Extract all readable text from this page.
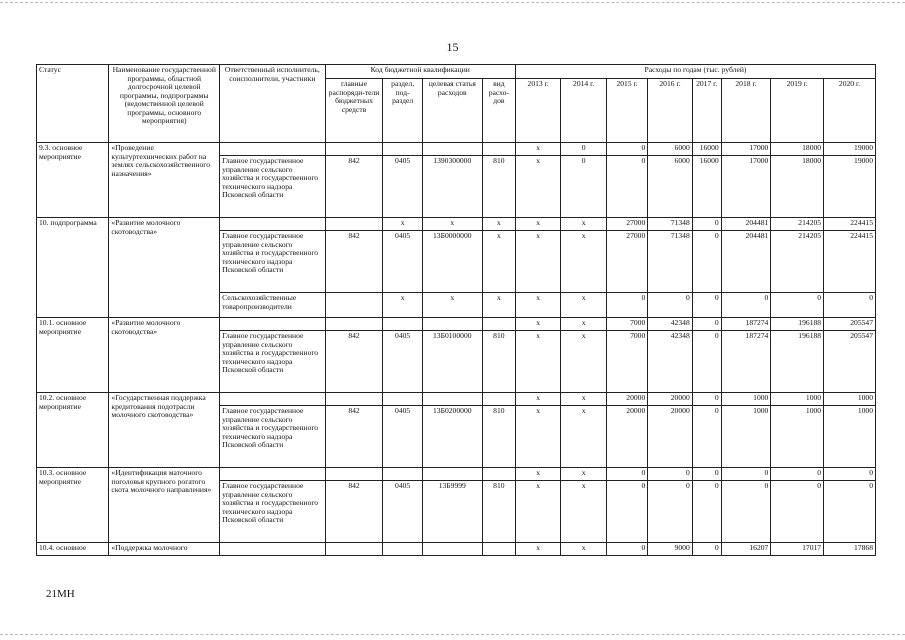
15
Статус	Наименование государственной программы, областной долгосрочной целевой программы, подпрограммы (ведомственной целевой программы, основного мероприятия)	Ответственный исполнитель, соисполнители, участники	Код бюджетной квалификации				Расходы по годам (тыс. рублей)							
			главные распоряди-тели бюджетных средств	раздел, под-раздел	целевая статья расходов	вид расхо-дов	2013 г.	2014 г.	2015 г.	2016 г.	2017 г.	2018 г.	2019 г.	2020 г.
9.3. основное мероприятие	«Проведение культуртехнических работ на землях сельскохозяйственного назначения»						х	0	0	6000	16000	17000	18000	19000
		Главное государственное управление сельского хозяйства и государственного технического надзора Псковской области	842	0405	1390300000	810	х	0	0	6000	16000	17000	18000	19000
10. подпрограмма	«Развитие молочного скотоводства»			х	х	х	х	х	27000	71348	0	204481	214205	224415
		Главное государственное управление сельского хозяйства и государственного технического надзора Псковской области	842	0405	13Б0000000	х	х	х	27000	71348	0	204481	214205	224415
		Сельскохозяйственные товаропроизводители		х	х	х	х	х	0	0	0	0	0	0
10.1. основное мероприятие	«Развитие молочного скотоводства»						х	х	7000	42348	0	187274	196188	205547
		Главное государственное управление сельского хозяйства и государственного технического надзора Псковской области	842	0405	13Б0100000	810	х	х	7000	42348	0	187274	196188	205547
10.2. основное мероприятие	«Государственная поддержка кредитования подотрасли молочного скотоводства»						х	х	20000	20000	0	1000	1000	1000
		Главное государственное управление сельского хозяйства и государственного технического надзора Псковской области	842	0405	13Б0200000	810	х	х	20000	20000	0	1000	1000	1000
10.3. основное мероприятие	«Идентификация маточного поголовья крупного рогатого скота молочного направления»						х	х	0	0	0	0	0	0
		Главное государственное управление сельского хозяйства и государственного технического надзора Псковской области	842	0405	13Б9999	810	х	х	0	0	0	0	0	0
10.4. основное	«Поддержка молочного						х	х	0	9000	0	16207	17017	17868
21МН
